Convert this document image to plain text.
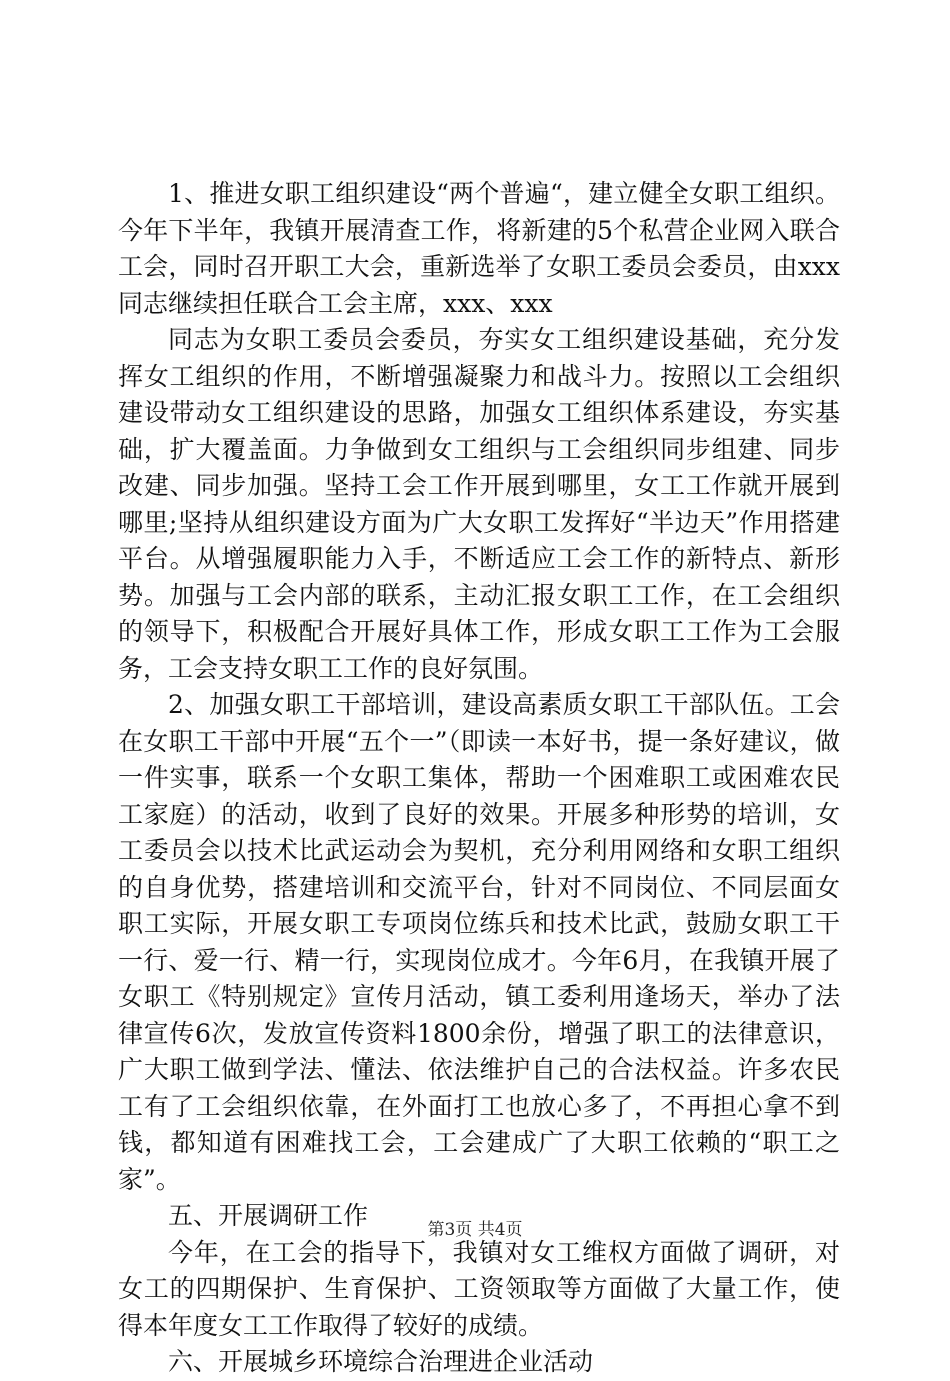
1、推进女职工组织建设“两个普遍“，建立健全女职工组织。今年下半年，我镇开展清查工作，将新建的5个私营企业网入联合工会，同时召开职工大会，重新选举了女职工委员会委员，由xxx同志继续担任联合工会主席，xxx、xxx

同志为女职工委员会委员，夯实女工组织建设基础，充分发挥女工组织的作用，不断增强凝聚力和战斗力。按照以工会组织建设带动女工组织建设的思路，加强女工组织体系建设，夯实基础，扩大覆盖面。力争做到女工组织与工会组织同步组建、同步改建、同步加强。坚持工会工作开展到哪里，女工工作就开展到哪里;坚持从组织建设方面为广大女职工发挥好“半边天”作用搭建平台。从增强履职能力入手，不断适应工会工作的新特点、新形势。加强与工会内部的联系，主动汇报女职工工作，在工会组织的领导下，积极配合开展好具体工作，形成女职工工作为工会服务，工会支持女职工工作的良好氛围。

2、加强女职工干部培训，建设高素质女职工干部队伍。工会在女职工干部中开展“五个一”（即读一本好书，提一条好建议，做一件实事，联系一个女职工集体，帮助一个困难职工或困难农民工家庭）的活动，收到了良好的效果。开展多种形势的培训，女工委员会以技术比武运动会为契机，充分利用网络和女职工组织的自身优势，搭建培训和交流平台，针对不同岗位、不同层面女职工实际，开展女职工专项岗位练兵和技术比武，鼓励女职工干一行、爱一行、精一行，实现岗位成才。今年6月，在我镇开展了女职工《特别规定》宣传月活动，镇工委利用逢场天，举办了法律宣传6次，发放宣传资料1800余份，增强了职工的法律意识，广大职工做到学法、懂法、依法维护自己的合法权益。许多农民工有了工会组织依靠，在外面打工也放心多了，不再担心拿不到钱，都知道有困难找工会，工会建成广了大职工依赖的“职工之家”。

五、开展调研工作

今年，在工会的指导下，我镇对女工维权方面做了调研，对女工的四期保护、生育保护、工资领取等方面做了大量工作，使得本年度女工工作取得了较好的成绩。

六、开展城乡环境综合治理进企业活动

第3页 共4页
